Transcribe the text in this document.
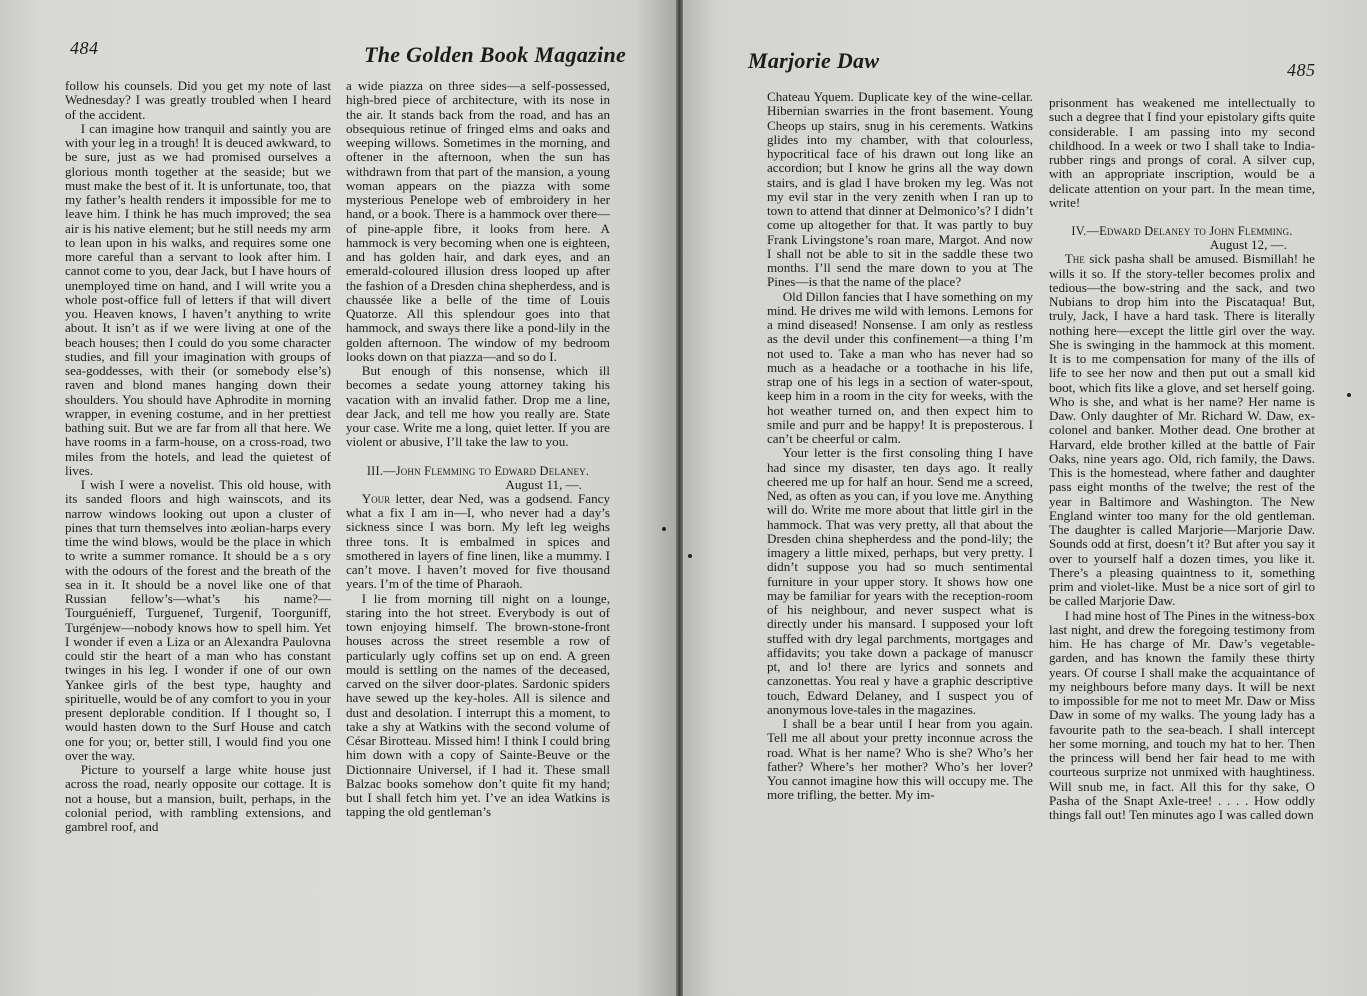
484	The Golden Book Magazine

follow his counsels. Did you get my note of last Wednesday? I was greatly troubled when I heard of the accident.

I can imagine how tranquil and saintly you are with your leg in a trough! It is deuced awkward, to be sure, just as we had promised ourselves a glorious month together at the seaside; but we must make the best of it. It is unfortunate, too, that my father’s health renders it impossible for me to leave him. I think he has much improved; the sea air is his native element; but he still needs my arm to lean upon in his walks, and requires some one more careful than a servant to look after him. I cannot come to you, dear Jack, but I have hours of unemployed time on hand, and I will write you a whole post-office full of letters if that will divert you. Heaven knows, I haven’t anything to write about. It isn’t as if we were living at one of the beach houses; then I could do you some character studies, and fill your imagination with groups of sea-goddesses, with their (or somebody else’s) raven and blond manes hanging down their shoulders. You should have Aphrodite in morning wrapper, in evening costume, and in her prettiest bathing suit. But we are far from all that here. We have rooms in a farm-house, on a cross-road, two miles from the hotels, and lead the quietest of lives.

I wish I were a novelist. This old house, with its sanded floors and high wainscots, and its narrow windows looking out upon a cluster of pines that turn themselves into æolian-harps every time the wind blows, would be the place in which to write a summer romance. It should be a s ory with the odours of the forest and the breath of the sea in it. It should be a novel like one of that Russian fellow’s—what’s his name?—Tourguénieff, Turguenef, Turgenif, Toorguniff, Turgénjew—nobody knows how to spell him. Yet I wonder if even a Liza or an Alexandra Paulovna could stir the heart of a man who has constant twinges in his leg. I wonder if one of our own Yankee girls of the best type, haughty and spirituelle, would be of any comfort to you in your present deplorable condition. If I thought so, I would hasten down to the Surf House and catch one for you; or, better still, I would find you one over the way.

Picture to yourself a large white house just across the road, nearly opposite our cottage. It is not a house, but a mansion, built, perhaps, in the colonial period, with rambling extensions, and gambrel roof, and

a wide piazza on three sides—a self-possessed, high-bred piece of architecture, with its nose in the air. It stands back from the road, and has an obsequious retinue of fringed elms and oaks and weeping willows. Sometimes in the morning, and oftener in the afternoon, when the sun has withdrawn from that part of the mansion, a young woman appears on the piazza with some mysterious Penelope web of embroidery in her hand, or a book. There is a hammock over there—of pine-apple fibre, it looks from here. A hammock is very becoming when one is eighteen, and has golden hair, and dark eyes, and an emerald-coloured illusion dress looped up after the fashion of a Dresden china shepherdess, and is chaussée like a belle of the time of Louis Quatorze. All this splendour goes into that hammock, and sways there like a pond-lily in the golden afternoon. The window of my bedroom looks down on that piazza—and so do I.

But enough of this nonsense, which ill becomes a sedate young attorney taking his vacation with an invalid father. Drop me a line, dear Jack, and tell me how you really are. State your case. Write me a long, quiet letter. If you are violent or abusive, I’ll take the law to you.

III.—John Flemming to Edward Delaney.

August 11, —.

Your letter, dear Ned, was a godsend. Fancy what a fix I am in—I, who never had a day’s sickness since I was born. My left leg weighs three tons. It is embalmed in spices and smothered in layers of fine linen, like a mummy. I can’t move. I haven’t moved for five thousand years. I’m of the time of Pharaoh.

I lie from morning till night on a lounge, staring into the hot street. Everybody is out of town enjoying himself. The brown-stone-front houses across the street resemble a row of particularly ugly coffins set up on end. A green mould is settling on the names of the deceased, carved on the silver door-plates. Sardonic spiders have sewed up the key-holes. All is silence and dust and desolation. I interrupt this a moment, to take a shy at Watkins with the second volume of César Birotteau. Missed him! I think I could bring him down with a copy of Sainte-Beuve or the Dictionnaire Universel, if I had it. These small Balzac books somehow don’t quite fit my hand; but I shall fetch him yet. I’ve an idea Watkins is tapping the old gentleman’s

Marjorie Daw	485

Chateau Yquem. Duplicate key of the wine-cellar. Hibernian swarries in the front basement. Young Cheops up stairs, snug in his cerements. Watkins glides into my chamber, with that colourless, hypocritical face of his drawn out long like an accordion; but I know he grins all the way down stairs, and is glad I have broken my leg. Was not my evil star in the very zenith when I ran up to town to attend that dinner at Delmonico’s? I didn’t come up altogether for that. It was partly to buy Frank Livingstone’s roan mare, Margot. And now I shall not be able to sit in the saddle these two months. I’ll send the mare down to you at The Pines—is that the name of the place?

Old Dillon fancies that I have something on my mind. He drives me wild with lemons. Lemons for a mind diseased! Nonsense. I am only as restless as the devil under this confinement—a thing I’m not used to. Take a man who has never had so much as a headache or a toothache in his life, strap one of his legs in a section of water-spout, keep him in a room in the city for weeks, with the hot weather turned on, and then expect him to smile and purr and be happy! It is preposterous. I can’t be cheerful or calm.

Your letter is the first consoling thing I have had since my disaster, ten days ago. It really cheered me up for half an hour. Send me a screed, Ned, as often as you can, if you love me. Anything will do. Write me more about that little girl in the hammock. That was very pretty, all that about the Dresden china shepherdess and the pond-lily; the imagery a little mixed, perhaps, but very pretty. I didn’t suppose you had so much sentimental furniture in your upper story. It shows how one may be familiar for years with the reception-room of his neighbour, and never suspect what is directly under his mansard. I supposed your loft stuffed with dry legal parchments, mortgages and affidavits; you take down a package of manuscr pt, and lo! there are lyrics and sonnets and canzonettas. You real y have a graphic descriptive touch, Edward Delaney, and I suspect you of anonymous love-tales in the magazines.

I shall be a bear until I hear from you again. Tell me all about your pretty inconnue across the road. What is her name? Who is she? Who’s her father? Where’s her mother? Who’s her lover? You cannot imagine how this will occupy me. The more trifling, the better. My im-

prisonment has weakened me intellectually to such a degree that I find your epistolary gifts quite considerable. I am passing into my second childhood. In a week or two I shall take to India-rubber rings and prongs of coral. A silver cup, with an appropriate inscription, would be a delicate attention on your part. In the mean time, write!

IV.—Edward Delaney to John Flemming.

August 12, —.

The sick pasha shall be amused. Bismillah! he wills it so. If the story-teller becomes prolix and tedious—the bow-string and the sack, and two Nubians to drop him into the Piscataqua! But, truly, Jack, I have a hard task. There is literally nothing here—except the little girl over the way. She is swinging in the hammock at this moment. It is to me compensation for many of the ills of life to see her now and then put out a small kid boot, which fits like a glove, and set herself going. Who is she, and what is her name? Her name is Daw. Only daughter of Mr. Richard W. Daw, ex-colonel and banker. Mother dead. One brother at Harvard, elde brother killed at the battle of Fair Oaks, nine years ago. Old, rich family, the Daws. This is the homestead, where father and daughter pass eight months of the twelve; the rest of the year in Baltimore and Washington. The New England winter too many for the old gentleman. The daughter is called Marjorie—Marjorie Daw. Sounds odd at first, doesn’t it? But after you say it over to yourself half a dozen times, you like it. There’s a pleasing quaintness to it, something prim and violet-like. Must be a nice sort of girl to be called Marjorie Daw.

I had mine host of The Pines in the witness-box last night, and drew the foregoing testimony from him. He has charge of Mr. Daw’s vegetable-garden, and has known the family these thirty years. Of course I shall make the acquaintance of my neighbours before many days. It will be next to impossible for me not to meet Mr. Daw or Miss Daw in some of my walks. The young lady has a favourite path to the sea-beach. I shall intercept her some morning, and touch my hat to her. Then the princess will bend her fair head to me with courteous surprize not unmixed with haughtiness. Will snub me, in fact. All this for thy sake, O Pasha of the Snapt Axle-tree! . . . . How oddly things fall out! Ten minutes ago I was called down
